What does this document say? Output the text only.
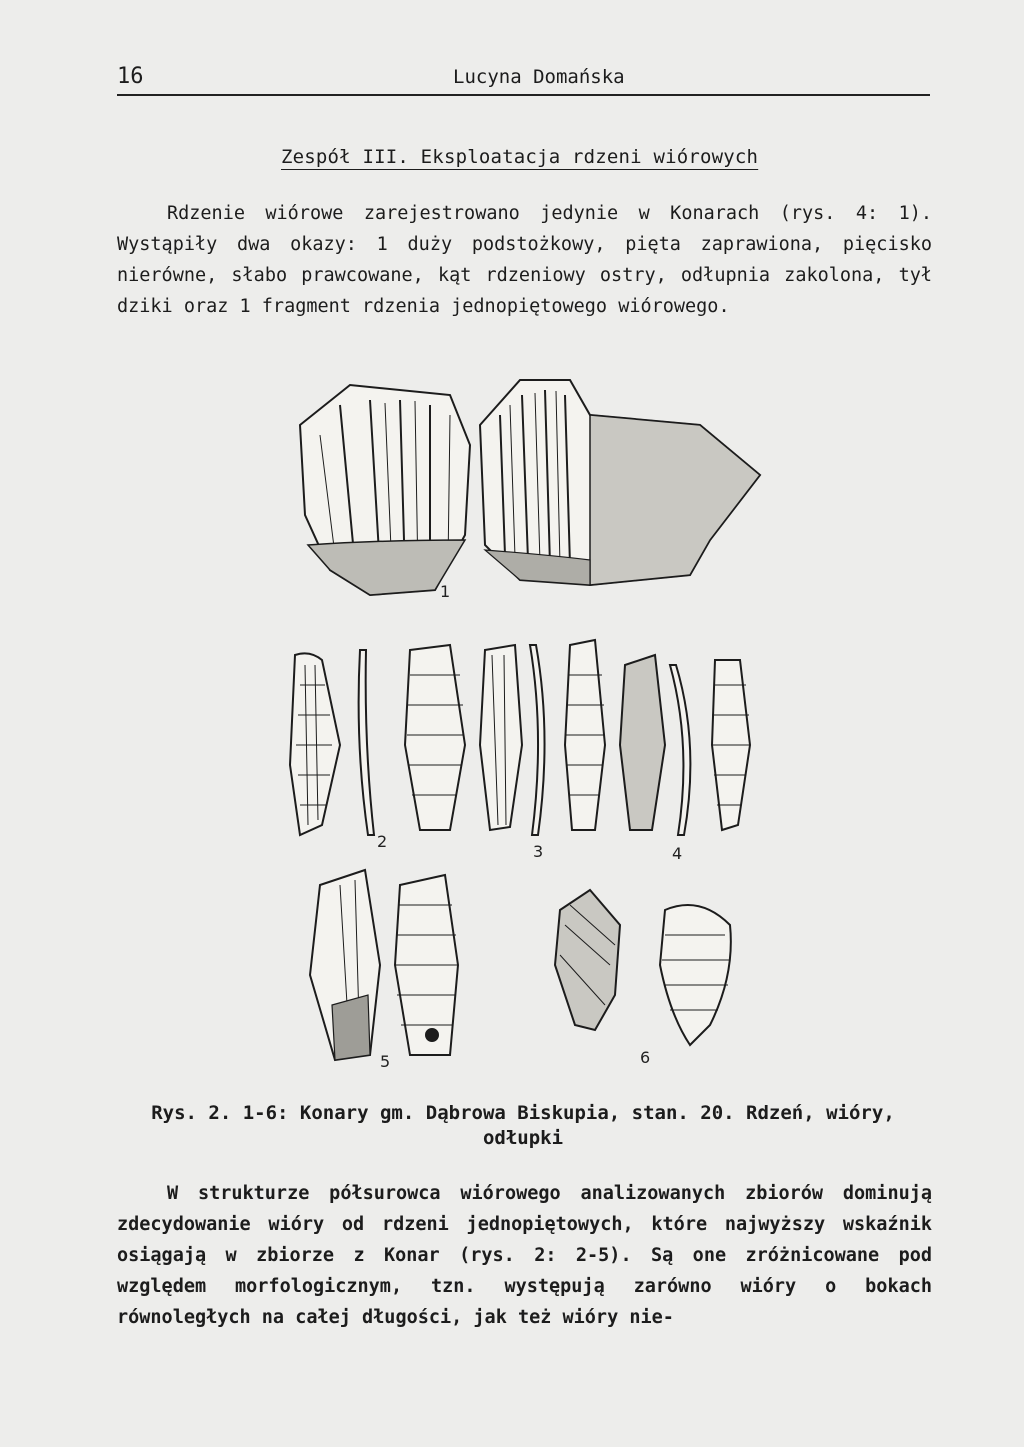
16	Lucyna Domańska
Zespół III. Eksploatacja rdzeni wiórowych
Rdzenie wiórowe zarejestrowano jedynie w Konarach (rys. 4: 1). Wystąpiły dwa okazy: 1 duży podstożkowy, pięta zaprawiona, pięcisko nierówne, słabo prawcowane, kąt rdzeniowy ostry, odłupnia zakolona, tył dziki oraz 1 fragment rdzenia jednopiętowego wiórowego.
1
2
3	4
5	6
Rys. 2. 1-6: Konary gm. Dąbrowa Biskupia, stan. 20. Rdzeń, wióry,
odłupki
W strukturze półsurowca wiórowego analizowanych zbiorów dominują zdecydowanie wióry od rdzeni jednopiętowych, które najwyższy wskaźnik osiągają w zbiorze z Konar (rys. 2: 2-5). Są one zróżnicowane pod względem morfologicznym, tzn. występują zarówno wióry o bokach równoległych na całej długości, jak też wióry nie-
